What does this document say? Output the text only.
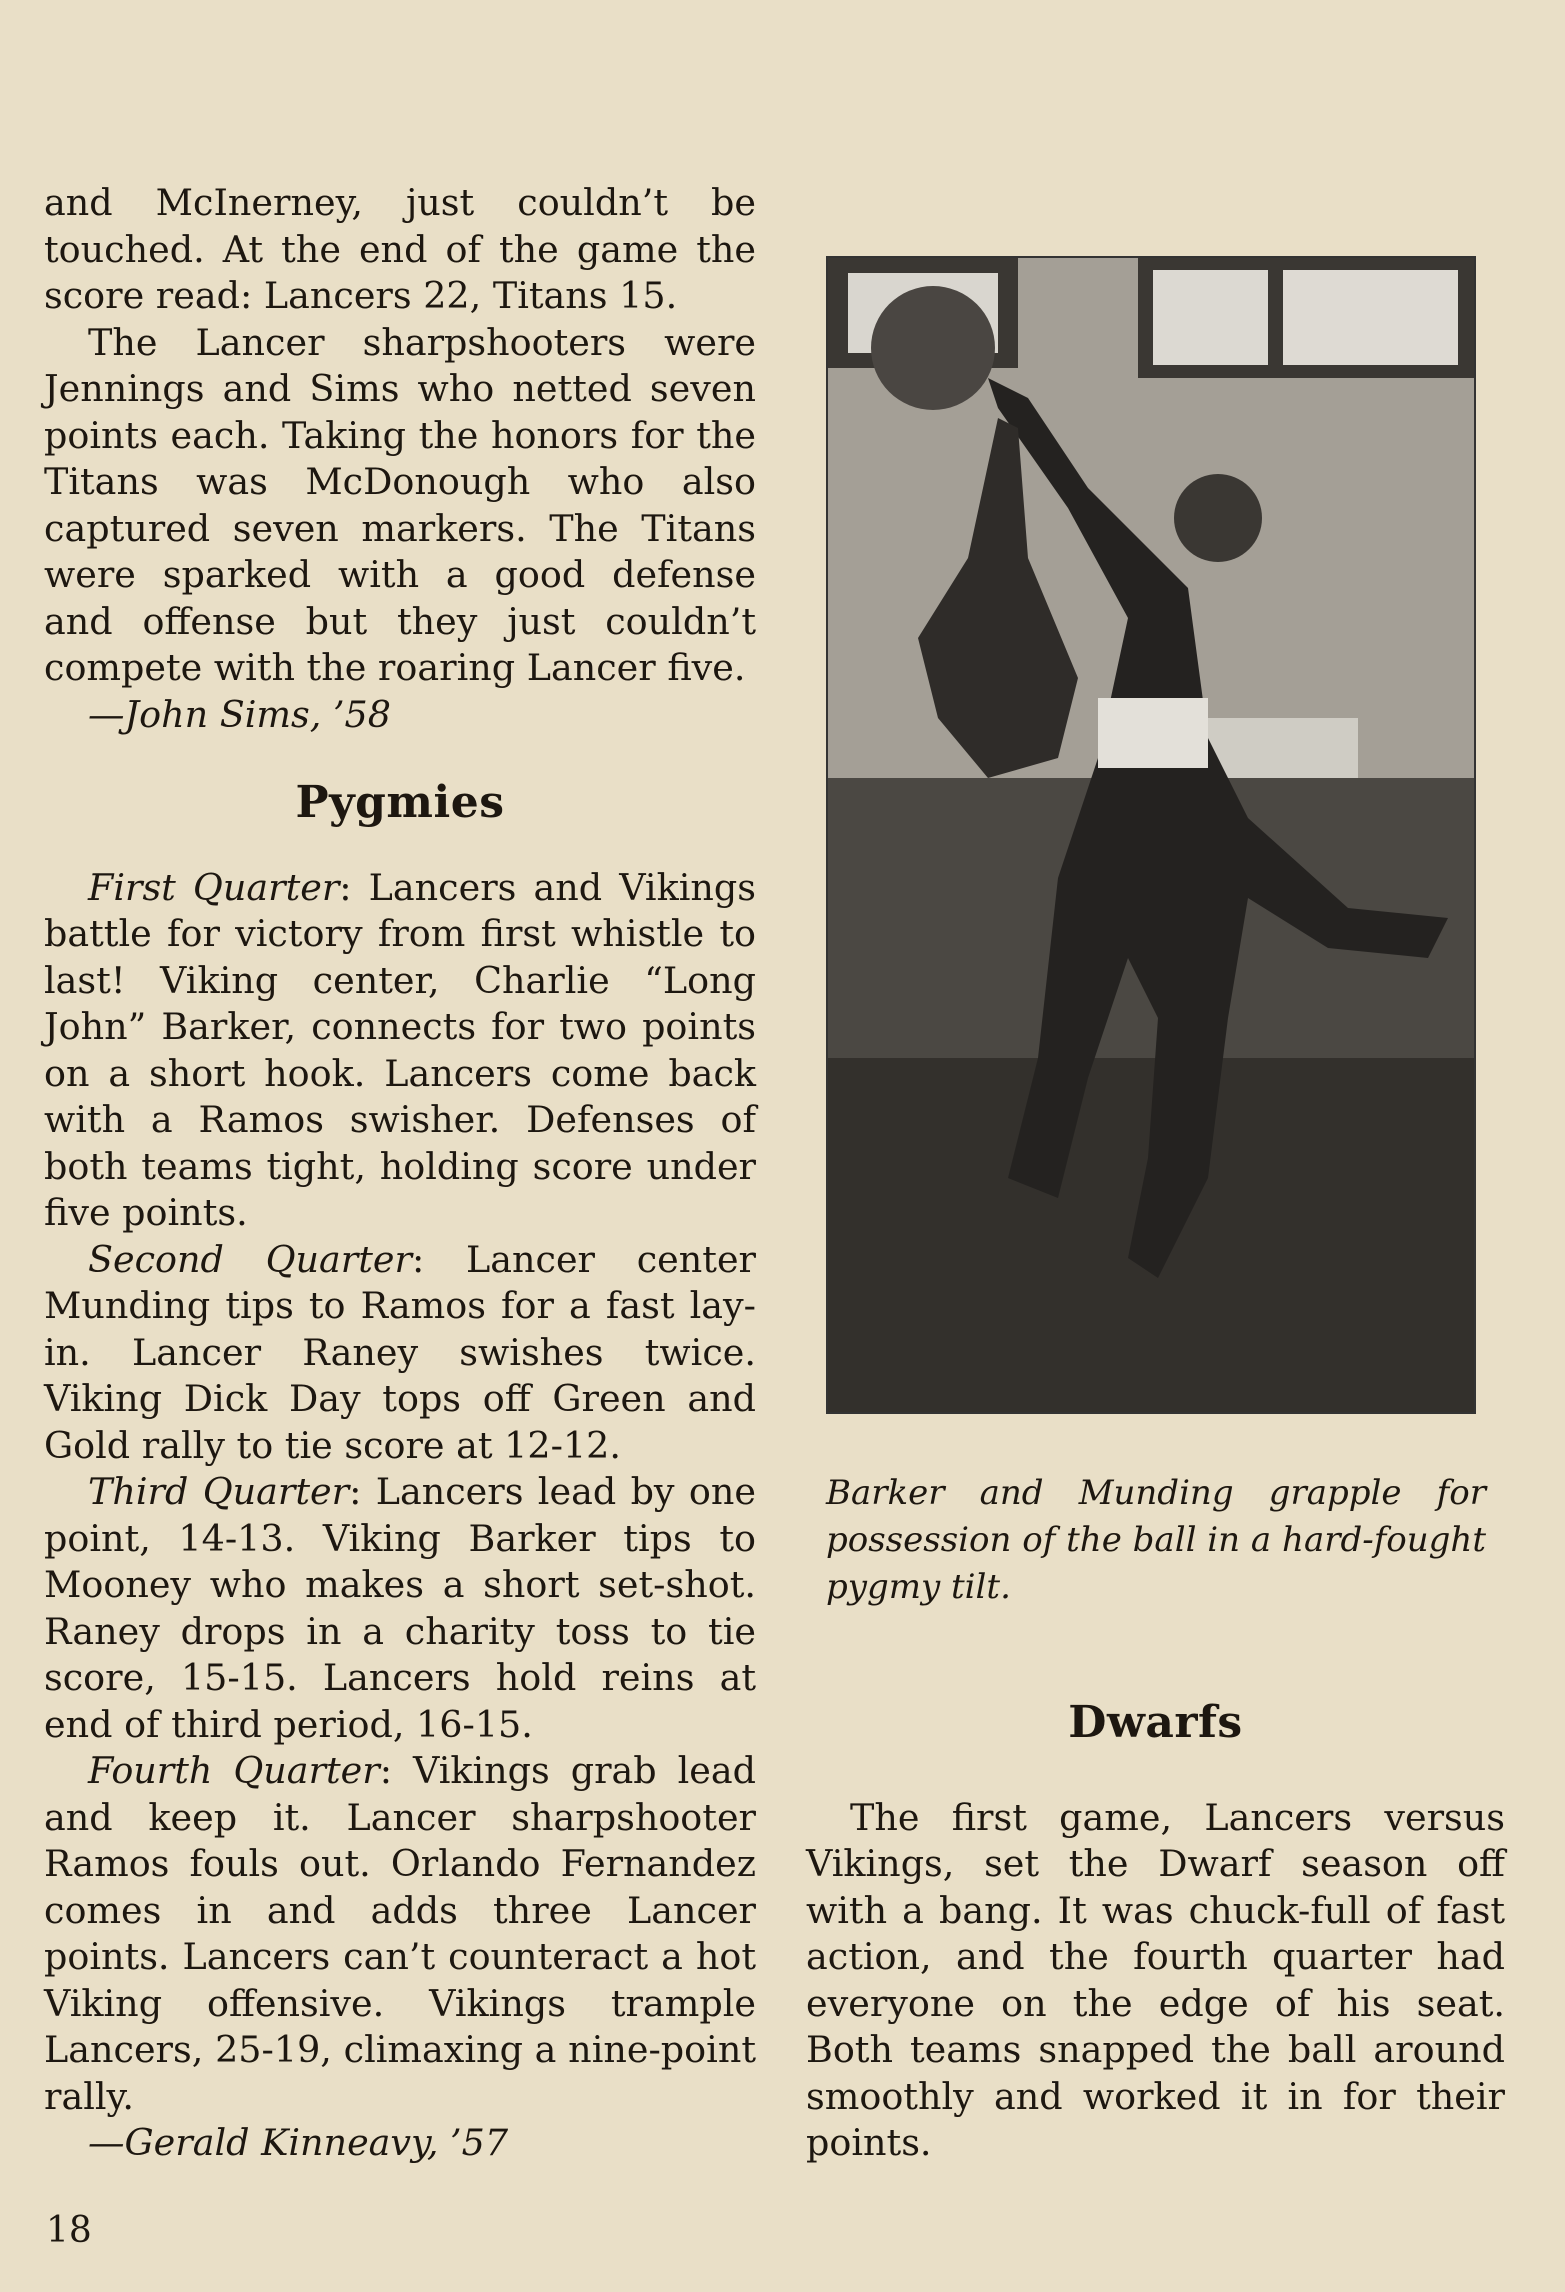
and McInerney, just couldn’t be touched. At the end of the game the score read: Lancers 22, Titans 15.

The Lancer sharpshooters were Jennings and Sims who netted seven points each. Taking the honors for the Titans was McDonough who also captured seven markers. The Titans were sparked with a good defense and offense but they just couldn’t compete with the roaring Lancer five.

—John Sims, ’58

Pygmies

First Quarter: Lancers and Vikings battle for victory from first whistle to last! Viking center, Charlie “Long John” Barker, connects for two points on a short hook. Lancers come back with a Ramos swisher. Defenses of both teams tight, holding score under five points.

Second Quarter: Lancer center Munding tips to Ramos for a fast lay-in. Lancer Raney swishes twice. Viking Dick Day tops off Green and Gold rally to tie score at 12-12.

Third Quarter: Lancers lead by one point, 14-13. Viking Barker tips to Mooney who makes a short set-shot. Raney drops in a charity toss to tie score, 15-15. Lancers hold reins at end of third period, 16-15.

Fourth Quarter: Vikings grab lead and keep it. Lancer sharpshooter Ramos fouls out. Orlando Fernandez comes in and adds three Lancer points. Lancers can’t counteract a hot Viking offensive. Vikings trample Lancers, 25-19, climaxing a nine-point rally.

—Gerald Kinneavy, ’57

Barker and Munding grapple for possession of the ball in a hard-fought pygmy tilt.
Dwarfs

The first game, Lancers versus Vikings, set the Dwarf season off with a bang. It was chuck-full of fast action, and the fourth quarter had everyone on the edge of his seat. Both teams snapped the ball around smoothly and worked it in for their points.

18
